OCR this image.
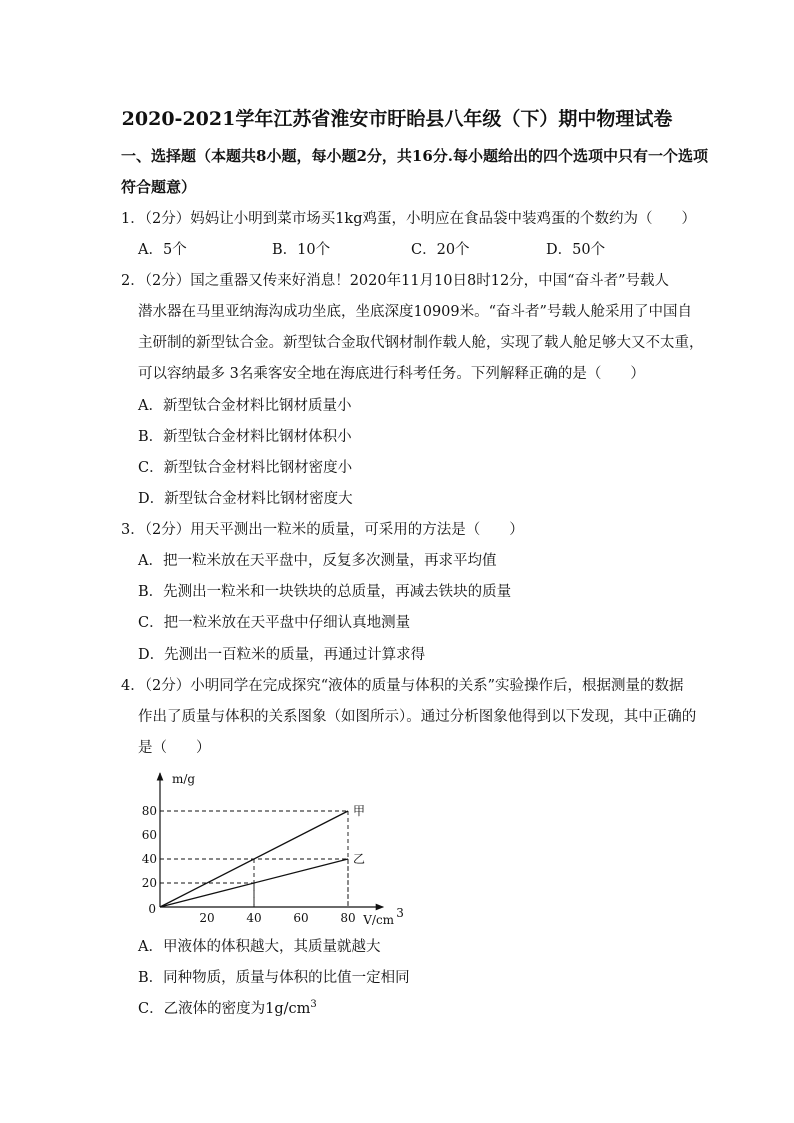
2020-2021学年江苏省淮安市盱眙县八年级（下）期中物理试卷
一、选择题（本题共8小题，每小题2分，共16分.每小题给出的四个选项中只有一个选项
符合题意）
1．（2分）妈妈让小明到菜市场买1kg鸡蛋，小明应在食品袋中装鸡蛋的个数约为（　　）
A．5个	B．10个	C．20个	D．50个
2．（2分）国之重器又传来好消息！2020年11月10日8时12分，中国“奋斗者”号载人
潜水器在马里亚纳海沟成功坐底，坐底深度10909米。“奋斗者”号载人舱采用了中国自
主研制的新型钛合金。新型钛合金取代钢材制作载人舱，实现了载人舱足够大又不太重，
可以容纳最多 3名乘客安全地在海底进行科考任务。下列解释正确的是（　　）
A．新型钛合金材料比钢材质量小
B．新型钛合金材料比钢材体积小
C．新型钛合金材料比钢材密度小
D．新型钛合金材料比钢材密度大
3．（2分）用天平测出一粒米的质量，可采用的方法是（　　）
A．把一粒米放在天平盘中，反复多次测量，再求平均值
B．先测出一粒米和一块铁块的总质量，再减去铁块的质量
C．把一粒米放在天平盘中仔细认真地测量
D．先测出一百粒米的质量，再通过计算求得
4．（2分）小明同学在完成探究“液体的质量与体积的关系”实验操作后，根据测量的数据
作出了质量与体积的关系图象（如图所示）。通过分析图象他得到以下发现，其中正确的
是（　　）
甲
乙
20	40	60	80
20
40
60
80
0
m/g
V/cm 3
A．甲液体的体积越大，其质量就越大
B．同种物质，质量与体积的比值一定相同
C．乙液体的密度为$1g/cm^3$
